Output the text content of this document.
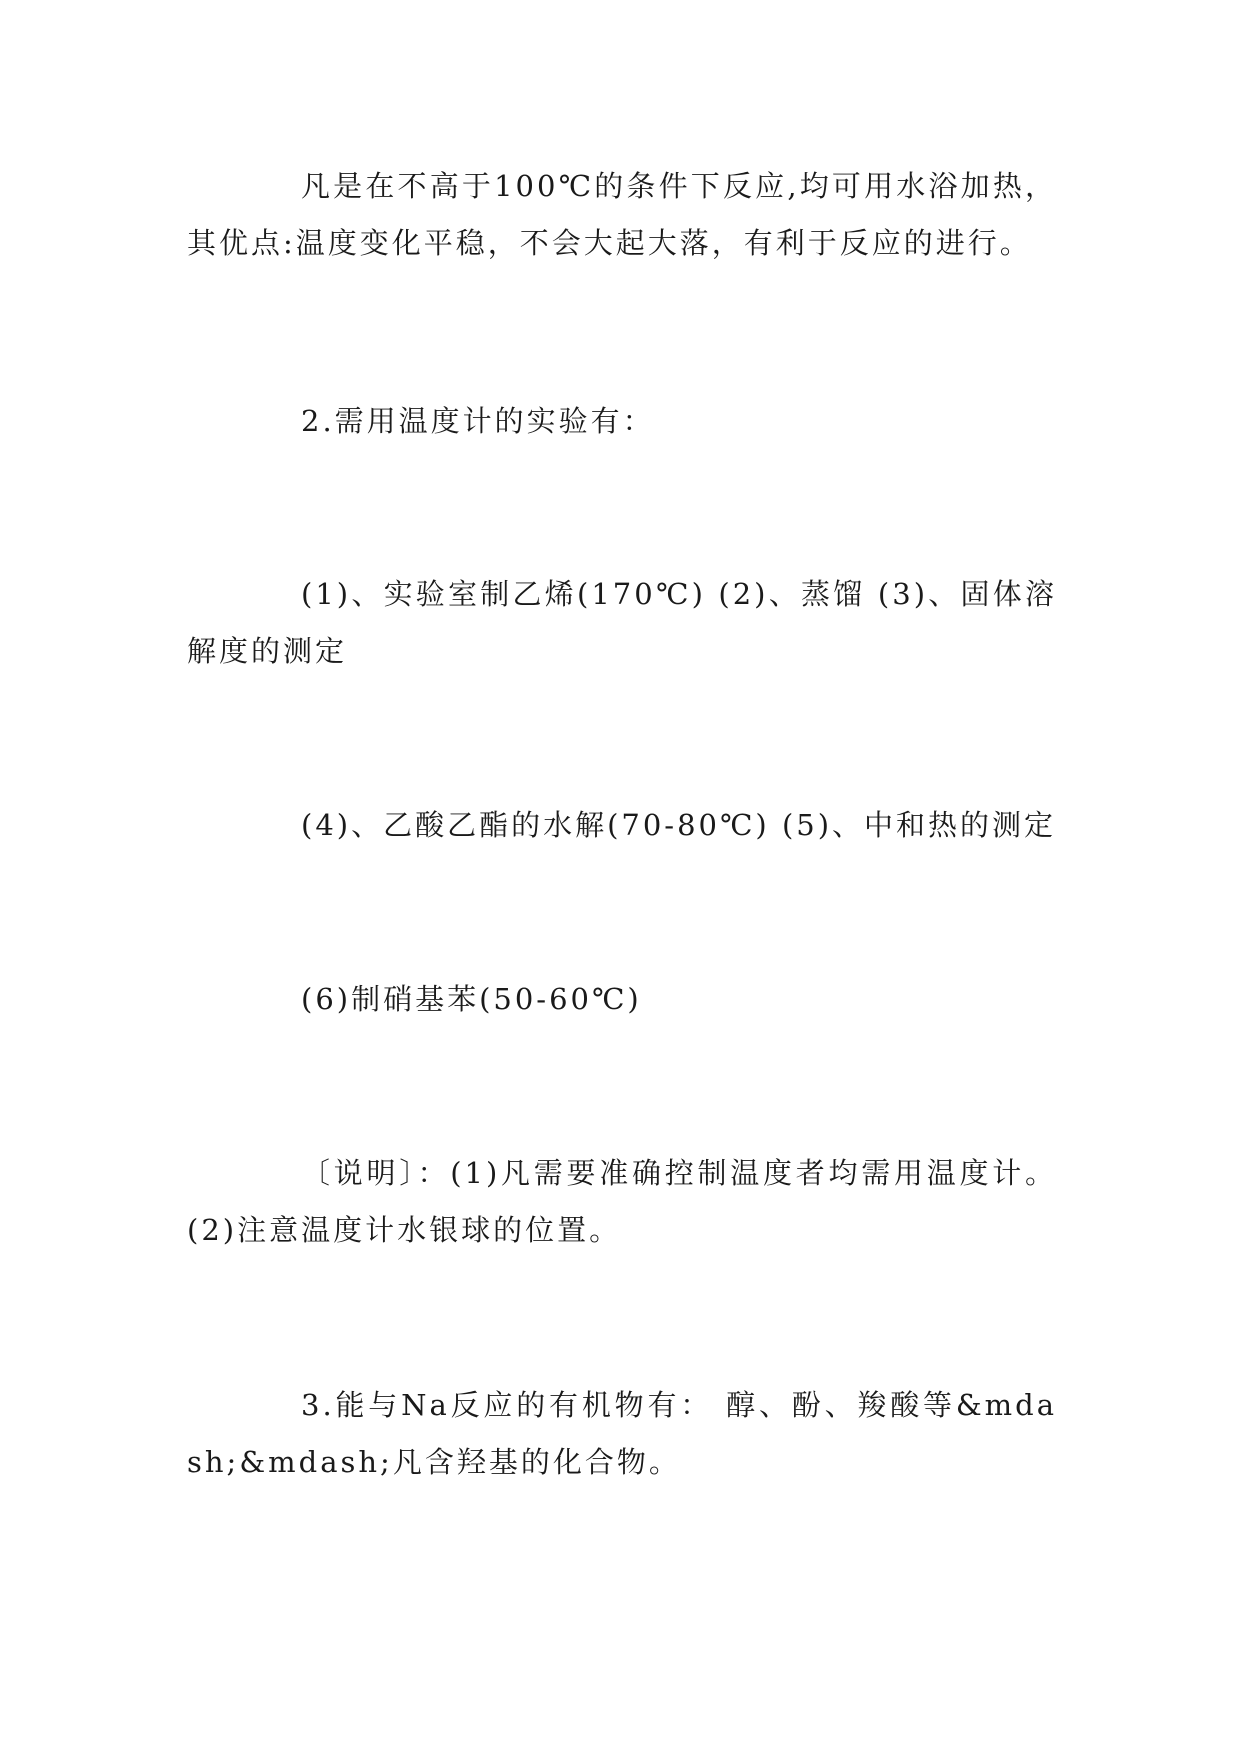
凡是在不高于100℃的条件下反应,均可用水浴加热，其优点:温度变化平稳，不会大起大落，有利于反应的进行。

2.需用温度计的实验有：

(1)、实验室制乙烯(170℃) (2)、蒸馏 (3)、固体溶解度的测定

(4)、乙酸乙酯的水解(70-80℃) (5)、中和热的测定

(6)制硝基苯(50-60℃)

〔说明〕：(1)凡需要准确控制温度者均需用温度计。(2)注意温度计水银球的位置。

3.能与Na反应的有机物有： 醇、酚、羧酸等&mdash;&mdash;凡含羟基的化合物。
